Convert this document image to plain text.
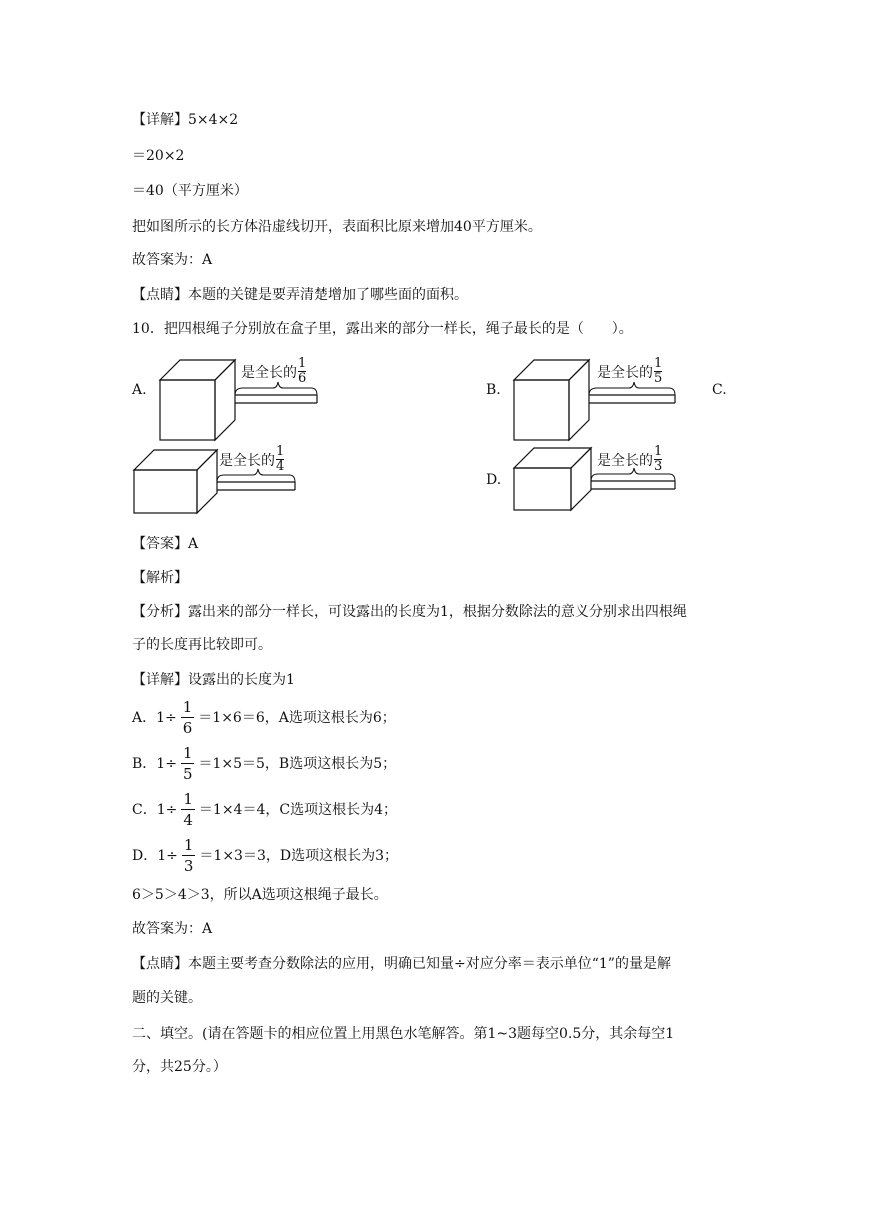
【详解】5×4×2
＝20×2
＝40（平方厘米）
把如图所示的长方体沿虚线切开，表面积比原来增加40平方厘米。
故答案为：A
【点睛】本题的关键是要弄清楚增加了哪些面的面积。
10．把四根绳子分别放在盒子里，露出来的部分一样长，绳子最长的是（　　）。
A.
是全长的 $\frac{1}{6}$
B.
是全长的 $\frac{1}{5}$
C.
是全长的 $\frac{1}{4}$
D.
是全长的 $\frac{1}{3}$
【答案】A
【解析】
【分析】露出来的部分一样长，可设露出的长度为1，根据分数除法的意义分别求出四根绳
子的长度再比较即可。
【详解】设露出的长度为1
A．$1\div \frac{1}{6} =1\times 6=6$，A选项这根长为6；
B．$1\div \frac{1}{5} =1\times 5=5$，B选项这根长为5；
C．$1\div \frac{1}{4} =1\times 4=4$，C选项这根长为4；
D．$1\div \frac{1}{3} =1\times 3=3$，D选项这根长为3；
6＞5＞4＞3，所以A选项这根绳子最长。
故答案为：A
【点睛】本题主要考查分数除法的应用，明确已知量÷对应分率＝表示单位“1”的量是解
题的关键。
二、填空。(请在答题卡的相应位置上用黑色水笔解答。第1~3题每空0.5分，其余每空1
分，共25分。）
